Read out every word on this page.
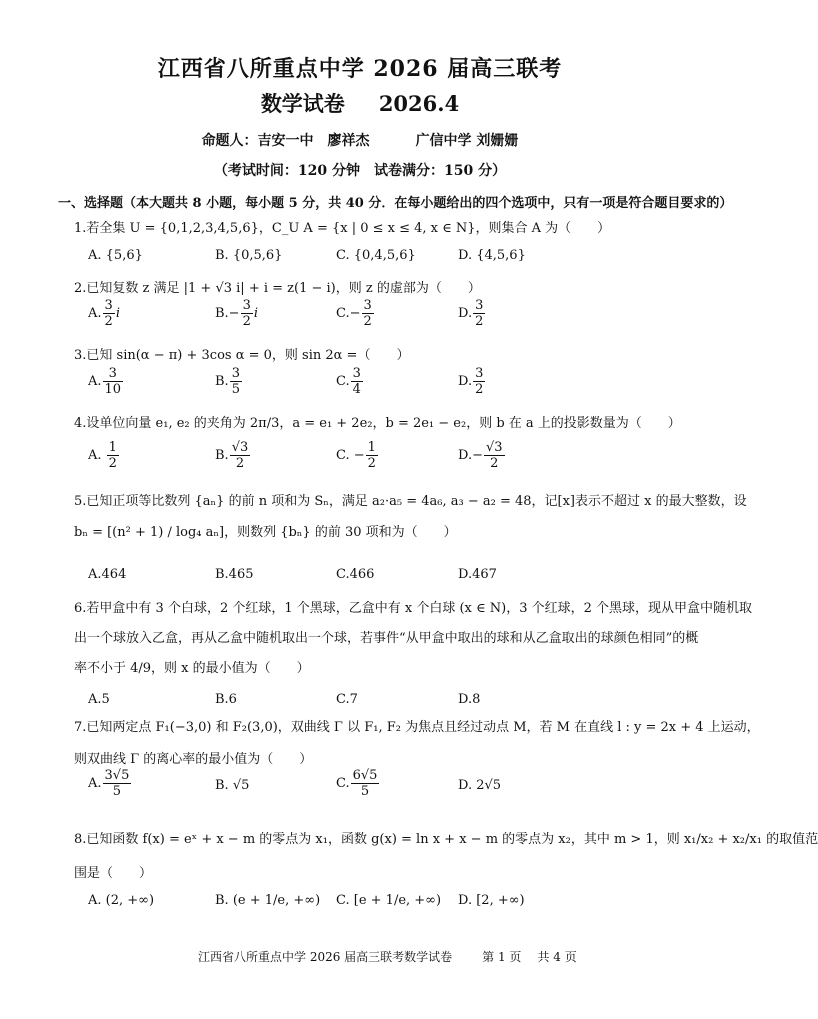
江西省八所重点中学 2026 届高三联考
数学试卷 2026.4
命题人：吉安一中　廖祥杰	广信中学 刘姗姗
（考试时间：120 分钟　试卷满分：150 分）
一、选择题（本大题共 8 小题，每小题 5 分，共 40 分．在每小题给出的四个选项中，只有一项是符合题目要求的）
1.若全集 U = {0,1,2,3,4,5,6}，C_U A = {x | 0 ≤ x ≤ 4, x ∈ N}，则集合 A 为（　　）
A. {5,6}	B. {0,5,6}	C. {0,4,5,6}	D. {4,5,6}
2.已知复数 z 满足 |1 + √3 i| + i = z(1 − i)，则 z 的虚部为（　　）
A. $\frac{3}{2}$ i	$B.- \frac{3}{2}$ i	$C.- \frac{3}{2}$	D. $\frac{3}{2}$
3.已知 sin(α − π) + 3cos α = 0，则 sin 2α =（　　）
A. $\frac{3}{10}$	B. $\frac{3}{5}$	C. $\frac{3}{4}$	D. $\frac{3}{2}$
4.设单位向量 e₁, e₂ 的夹角为 2π/3，a = e₁ + 2e₂，b = 2e₁ − e₂，则 b 在 a 上的投影数量为（　　）
A. $\frac{1}{2}$	B. $\frac{√3}{2}$	C. − $\frac{1}{2}$	$D.- \frac{√3}{2}$
5.已知正项等比数列 {aₙ} 的前 n 项和为 Sₙ，满足 a₂·a₅ = 4a₆, a₃ − a₂ = 48，记[x]表示不超过 x 的最大整数，设
bₙ = [(n² + 1) / log₄ aₙ]，则数列 {bₙ} 的前 30 项和为（　　）
A.464	B.465	C.466	D.467
6.若甲盒中有 3 个白球，2 个红球，1 个黑球，乙盒中有 x 个白球 (x ∈ N)，3 个红球，2 个黑球，现从甲盒中随机取
出一个球放入乙盒，再从乙盒中随机取出一个球，若事件“从甲盒中取出的球和从乙盒取出的球颜色相同”的概
率不小于 4/9，则 x 的最小值为（　　）
A.5	B.6	C.7	D.8
7.已知两定点 F₁(−3,0) 和 F₂(3,0)，双曲线 Γ 以 F₁, F₂ 为焦点且经过动点 M，若 M 在直线 l : y = 2x + 4 上运动，
则双曲线 Γ 的离心率的最小值为（　　）
A. $\frac{3√5}{5}$	B. √5	C. $\frac{6√5}{5}$	D. 2√5
8.已知函数 f(x) = eˣ + x − m 的零点为 x₁，函数 g(x) = ln x + x − m 的零点为 x₂，其中 m > 1，则 x₁/x₂ + x₂/x₁ 的取值范
围是（　　）
A. (2, +∞)	B. (e + 1/e, +∞) C. [e + 1/e, +∞) D. [2, +∞)
江西省八所重点中学 2026 届高三联考数学试卷	第 1 页 共 4 页
